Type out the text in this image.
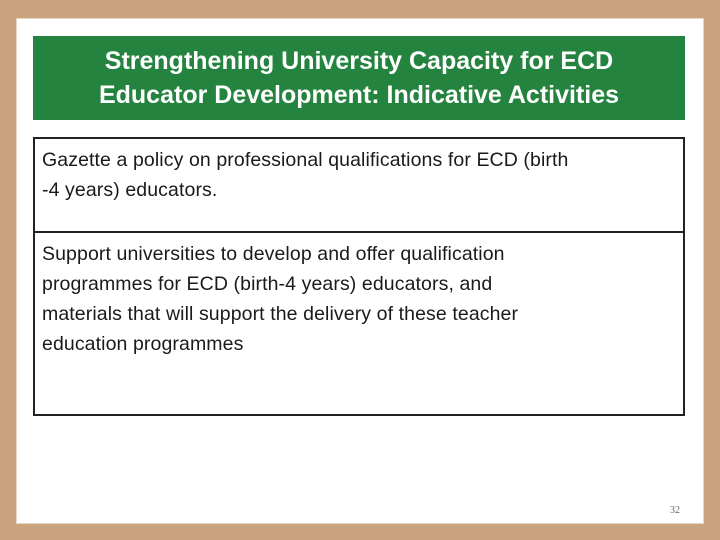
Strengthening University Capacity for ECD
Educator Development: Indicative Activities
Gazette a policy on professional qualifications for ECD (birth
-4 years) educators.
Support universities to develop and offer qualification
programmes for ECD (birth-4 years) educators, and
materials that will support the delivery of these teacher
education programmes
32
